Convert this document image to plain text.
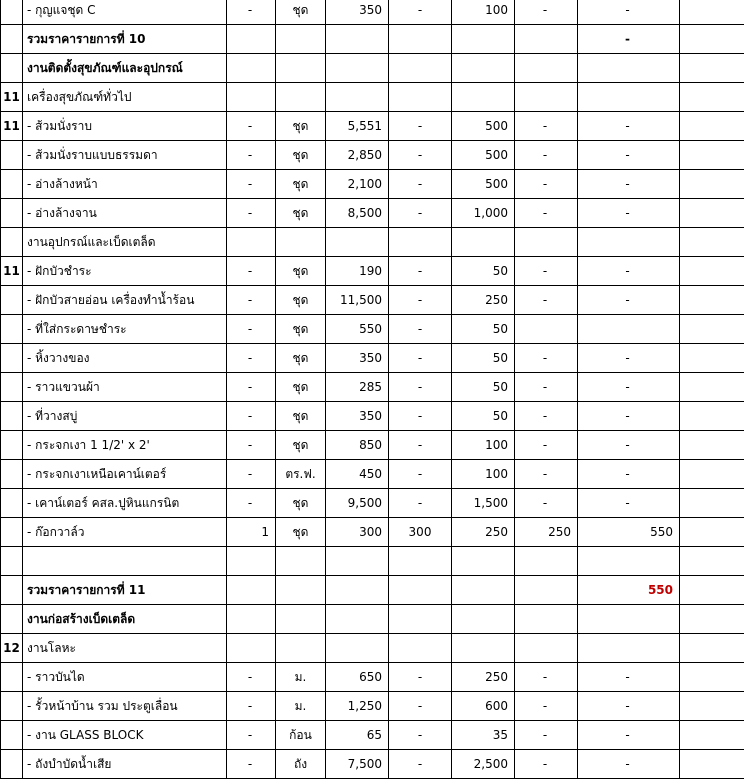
	- กุญแจชุด C	-	ชุด	350	-	100	-	-	
	รวมราคารายการที่ 10							-	
	งานติดตั้งสุขภัณฑ์และอุปกรณ์								
11	เครื่องสุขภัณฑ์ทั่วไป								
11	- ส้วมนั่งราบ	-	ชุด	5,551	-	500	-	-	
	- ส้วมนั่งราบแบบธรรมดา	-	ชุด	2,850	-	500	-	-	
	- อ่างล้างหน้า	-	ชุด	2,100	-	500	-	-	
	- อ่างล้างจาน	-	ชุด	8,500	-	1,000	-	-	
	งานอุปกรณ์และเบ็ดเตล็ด								
11	- ฝักบัวชำระ	-	ชุด	190	-	50	-	-	
	- ฝักบัวสายอ่อน เครื่องทำน้ำร้อน	-	ชุด	11,500	-	250	-	-	
	- ที่ใส่กระดาษชำระ	-	ชุด	550	-	50			
	- หิ้งวางของ	-	ชุด	350	-	50	-	-	
	- ราวแขวนผ้า	-	ชุด	285	-	50	-	-	
	- ที่วางสบู่	-	ชุด	350	-	50	-	-	
	- กระจกเงา 1 1/2' x 2'	-	ชุด	850	-	100	-	-	
	- กระจกเงาเหนือเคาน์เตอร์	-	ตร.ฟ.	450	-	100	-	-	
	- เคาน์เตอร์ คสล.ปูหินแกรนิต	-	ชุด	9,500	-	1,500	-	-	
	- ก๊อกวาล์ว	1	ชุด	300	300	250	250	550	

	รวมราคารายการที่ 11							550	
	งานก่อสร้างเบ็ดเตล็ด								
12	งานโลหะ								
	- ราวบันได	-	ม.	650	-	250	-	-	
	- รั้วหน้าบ้าน รวม ประตูเลื่อน	-	ม.	1,250	-	600	-	-	
	- งาน GLASS BLOCK	-	ก้อน	65	-	35	-	-	
	- ถังบำบัดน้ำเสีย	-	ถัง	7,500	-	2,500	-	-	
